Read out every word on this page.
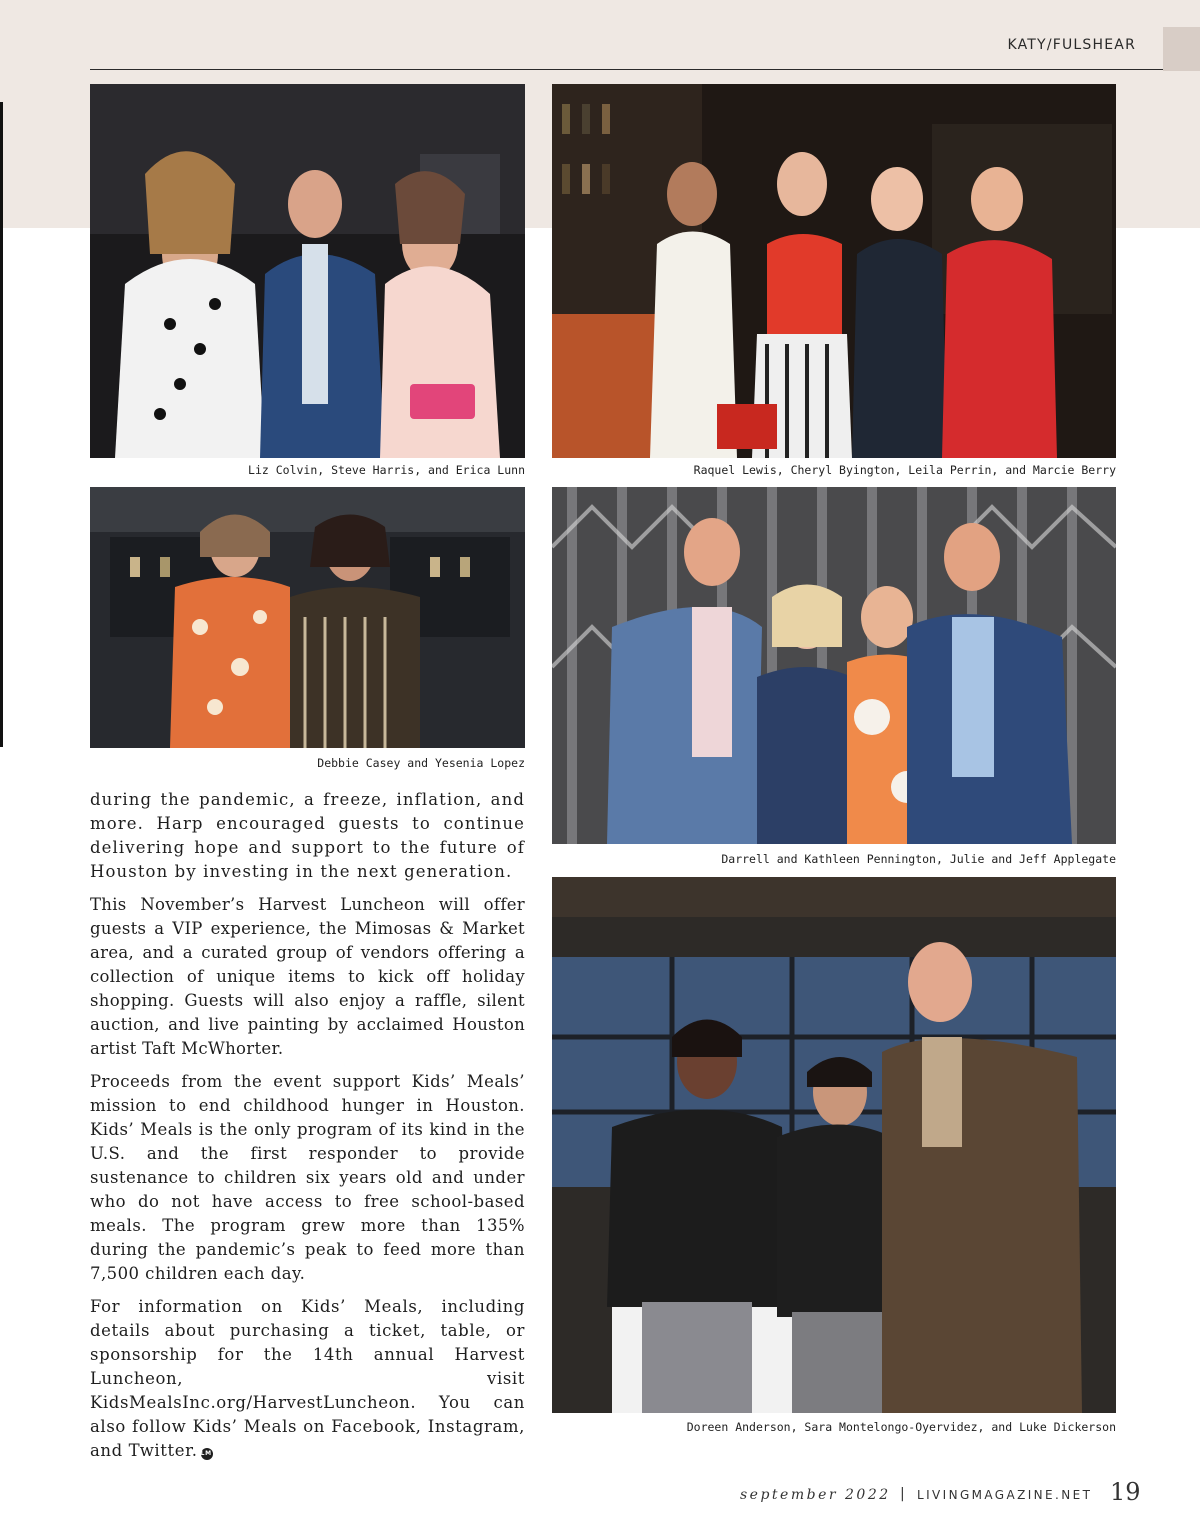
KATY/FULSHEAR
Liz Colvin, Steve Harris, and Erica Lunn	Raquel Lewis, Cheryl Byington, Leila Perrin, and Marcie Berry
Debbie Casey and Yesenia Lopez
Darrell and Kathleen Pennington, Julie and Jeff Applegate
Doreen Anderson, Sara Montelongo-Oyervidez, and Luke Dickerson

during the pandemic, a freeze, inflation, and more. Harp encouraged guests to continue delivering hope and support to the future of Houston by investing in the next generation.

This November’s Harvest Luncheon will offer guests a VIP experience, the Mimosas & Market area, and a curated group of vendors offering a collection of unique items to kick off holiday shopping. Guests will also enjoy a raffle, silent auction, and live painting by acclaimed Houston artist Taft McWhorter.

Proceeds from the event support Kids’ Meals’ mission to end childhood hunger in Houston. Kids’ Meals is the only program of its kind in the U.S. and the first responder to provide sustenance to children six years old and under who do not have access to free school-based meals. The program grew more than 135% during the pandemic’s peak to feed more than 7,500 children each day.

For information on Kids’ Meals, including details about purchasing a ticket, table, or sponsorship for the 14th annual Harvest Luncheon, visit KidsMealsInc.org/HarvestLuncheon. You can also follow Kids’ Meals on Facebook, Instagram, and Twitter. LM

september 2022 | LIVINGMAGAZINE.NET 19
